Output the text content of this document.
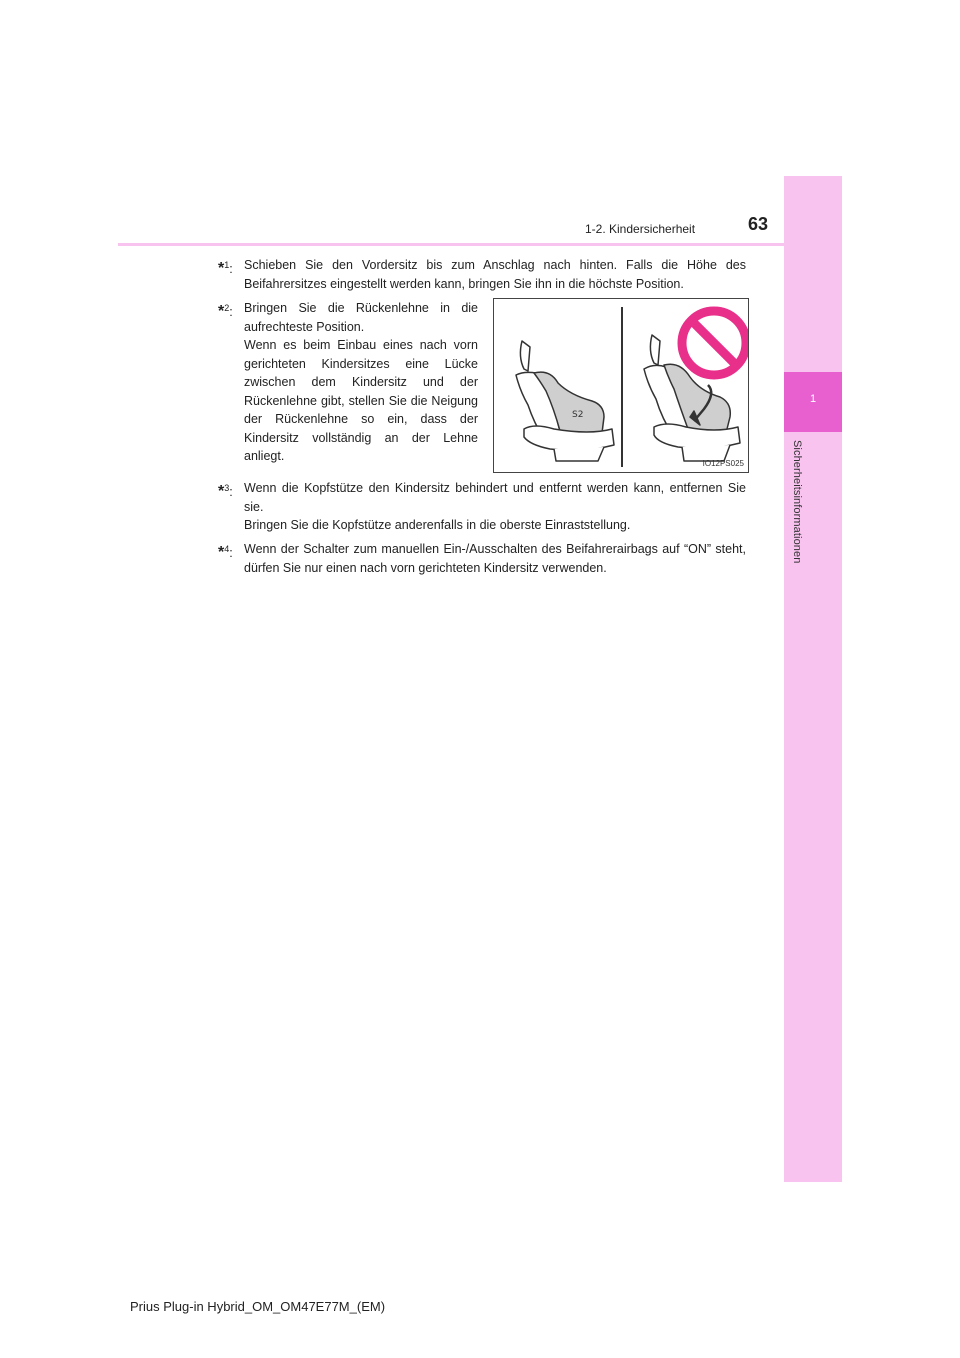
1
Sicherheitsinformationen
1-2. Kindersicherheit	63
*$^1$: Schieben Sie den Vordersitz bis zum Anschlag nach hinten. Falls die Höhe des Beifahrersitzes eingestellt werden kann, bringen Sie ihn in die höchste Position.

*$^2$: Bringen Sie die Rückenlehne in die aufrechteste Position.

Wenn es beim Einbau eines nach vorn gerichteten Kindersitzes eine Lücke zwischen dem Kindersitz und der Rückenlehne gibt, stellen Sie die Neigung der Rückenlehne so ein, dass der Kindersitz vollständig an der Lehne anliegt.

S2
IO12PS025
*$^3$: Wenn die Kopfstütze den Kindersitz behindert und entfernt werden kann, entfernen Sie sie.

Bringen Sie die Kopfstütze anderenfalls in die oberste Einraststellung.

*$^4$: Wenn der Schalter zum manuellen Ein-/Ausschalten des Beifahrerairbags auf “ON” steht, dürfen Sie nur einen nach vorn gerichteten Kindersitz verwenden.

Prius Plug-in Hybrid_OM_OM47E77M_(EM)
